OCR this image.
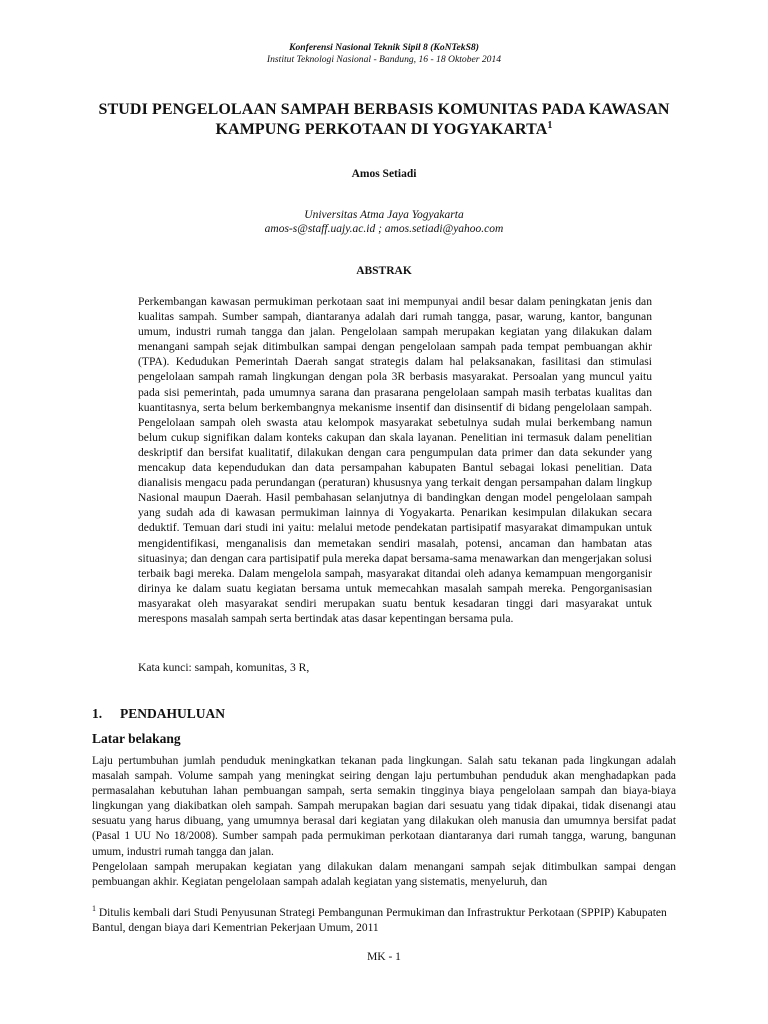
Konferensi Nasional Teknik Sipil 8 (KoNTekS8)
Institut Teknologi Nasional - Bandung, 16 - 18 Oktober 2014
STUDI PENGELOLAAN SAMPAH BERBASIS KOMUNITAS PADA KAWASAN
KAMPUNG PERKOTAAN DI YOGYAKARTA$^1$
Amos Setiadi
Universitas Atma Jaya Yogyakarta
amos-s@staff.uajy.ac.id ; amos.setiadi@yahoo.com
ABSTRAK
Perkembangan kawasan permukiman perkotaan saat ini mempunyai andil besar dalam peningkatan jenis dan kualitas sampah. Sumber sampah, diantaranya adalah dari rumah tangga, pasar, warung, kantor, bangunan umum, industri rumah tangga dan jalan. Pengelolaan sampah merupakan kegiatan yang dilakukan dalam menangani sampah sejak ditimbulkan sampai dengan pengelolaan sampah pada tempat pembuangan akhir (TPA). Kedudukan Pemerintah Daerah sangat strategis dalam hal pelaksanakan, fasilitasi dan stimulasi pengelolaan sampah ramah lingkungan dengan pola 3R berbasis masyarakat. Persoalan yang muncul yaitu pada sisi pemerintah, pada umumnya sarana dan prasarana pengelolaan sampah masih terbatas kualitas dan kuantitasnya, serta belum berkembangnya mekanisme insentif dan disinsentif di bidang pengelolaan sampah. Pengelolaan sampah oleh swasta atau kelompok masyarakat sebetulnya sudah mulai berkembang namun belum cukup signifikan dalam konteks cakupan dan skala layanan. Penelitian ini termasuk dalam penelitian deskriptif dan bersifat kualitatif, dilakukan dengan cara pengumpulan data primer dan data sekunder yang mencakup data kependudukan dan data persampahan kabupaten Bantul sebagai lokasi penelitian. Data dianalisis mengacu pada perundangan (peraturan) khususnya yang terkait dengan persampahan dalam lingkup Nasional maupun Daerah. Hasil pembahasan selanjutnya di bandingkan dengan model pengelolaan sampah yang sudah ada di kawasan permukiman lainnya di Yogyakarta. Penarikan kesimpulan dilakukan secara deduktif. Temuan dari studi ini yaitu: melalui metode pendekatan partisipatif masyarakat dimampukan untuk mengidentifikasi, menganalisis dan memetakan sendiri masalah, potensi, ancaman dan hambatan atas situasinya; dan dengan cara partisipatif pula mereka dapat bersama-sama menawarkan dan mengerjakan solusi terbaik bagi mereka. Dalam mengelola sampah, masyarakat ditandai oleh adanya kemampuan mengorganisir dirinya ke dalam suatu kegiatan bersama untuk memecahkan masalah sampah mereka. Pengorganisasian masyarakat oleh masyarakat sendiri merupakan suatu bentuk kesadaran tinggi dari masyarakat untuk merespons masalah sampah serta bertindak atas dasar kepentingan bersama pula.
Kata kunci: sampah, komunitas, 3 R,
1. PENDAHULUAN
Latar belakang

Laju pertumbuhan jumlah penduduk meningkatkan tekanan pada lingkungan. Salah satu tekanan pada lingkungan adalah masalah sampah. Volume sampah yang meningkat seiring dengan laju pertumbuhan penduduk akan menghadapkan pada permasalahan kebutuhan lahan pembuangan sampah, serta semakin tingginya biaya pengelolaan sampah dan biaya-biaya lingkungan yang diakibatkan oleh sampah. Sampah merupakan bagian dari sesuatu yang tidak dipakai, tidak disenangi atau sesuatu yang harus dibuang, yang umumnya berasal dari kegiatan yang dilakukan oleh manusia dan umumnya bersifat padat (Pasal 1 UU No 18/2008). Sumber sampah pada permukiman perkotaan diantaranya dari rumah tangga, warung, bangunan umum, industri rumah tangga dan jalan.

Pengelolaan sampah merupakan kegiatan yang dilakukan dalam menangani sampah sejak ditimbulkan sampai dengan pembuangan akhir. Kegiatan pengelolaan sampah adalah kegiatan yang sistematis, menyeluruh, dan

$^1$ Ditulis kembali dari Studi Penyusunan Strategi Pembangunan Permukiman dan Infrastruktur Perkotaan (SPPIP) Kabupaten Bantul, dengan biaya dari Kementrian Pekerjaan Umum, 2011
MK - 1
